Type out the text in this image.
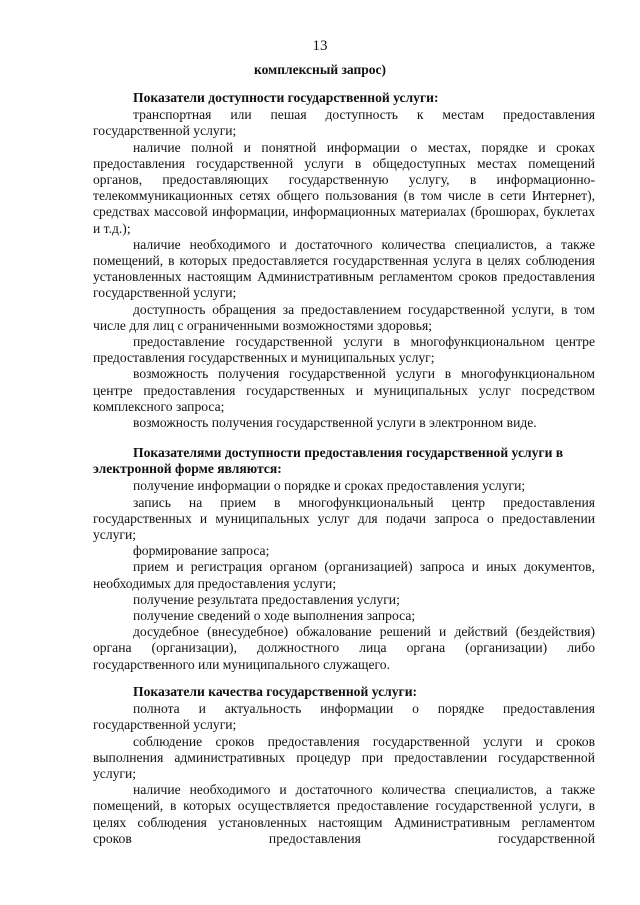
13
комплексный запрос)
Показатели доступности государственной услуги:

транспортная или пешая доступность к местам предоставления государственной услуги;

наличие полной и понятной информации о местах, порядке и сроках предоставления государственной услуги в общедоступных местах помещений органов, предоставляющих государственную услугу, в информационно-телекоммуникационных сетях общего пользования (в том числе в сети Интернет), средствах массовой информации, информационных материалах (брошюрах, буклетах и т.д.);

наличие необходимого и достаточного количества специалистов, а также помещений, в которых предоставляется государственная услуга в целях соблюдения установленных настоящим Административным регламентом сроков предоставления государственной услуги;

доступность обращения за предоставлением государственной услуги, в том числе для лиц с ограниченными возможностями здоровья;

предоставление государственной услуги в многофункциональном центре предоставления государственных и муниципальных услуг;

возможность получения государственной услуги в многофункциональном центре предоставления государственных и муниципальных услуг посредством комплексного запроса;

возможность получения государственной услуги в электронном виде.

Показателями доступности предоставления государственной услуги в электронной форме являются:

получение информации о порядке и сроках предоставления услуги;

запись на прием в многофункциональный центр предоставления государственных и муниципальных услуг для подачи запроса о предоставлении услуги;

формирование запроса;

прием и регистрация органом (организацией) запроса и иных документов, необходимых для предоставления услуги;

получение результата предоставления услуги;

получение сведений о ходе выполнения запроса;

досудебное (внесудебное) обжалование решений и действий (бездействия) органа (организации), должностного лица органа (организации) либо государственного или муниципального служащего.

Показатели качества государственной услуги:

полнота и актуальность информации о порядке предоставления государственной услуги;

соблюдение сроков предоставления государственной услуги и сроков выполнения административных процедур при предоставлении государственной услуги;

наличие необходимого и достаточного количества специалистов, а также помещений, в которых осуществляется предоставление государственной услуги, в целях соблюдения установленных настоящим Административным регламентом сроков предоставления государственной
